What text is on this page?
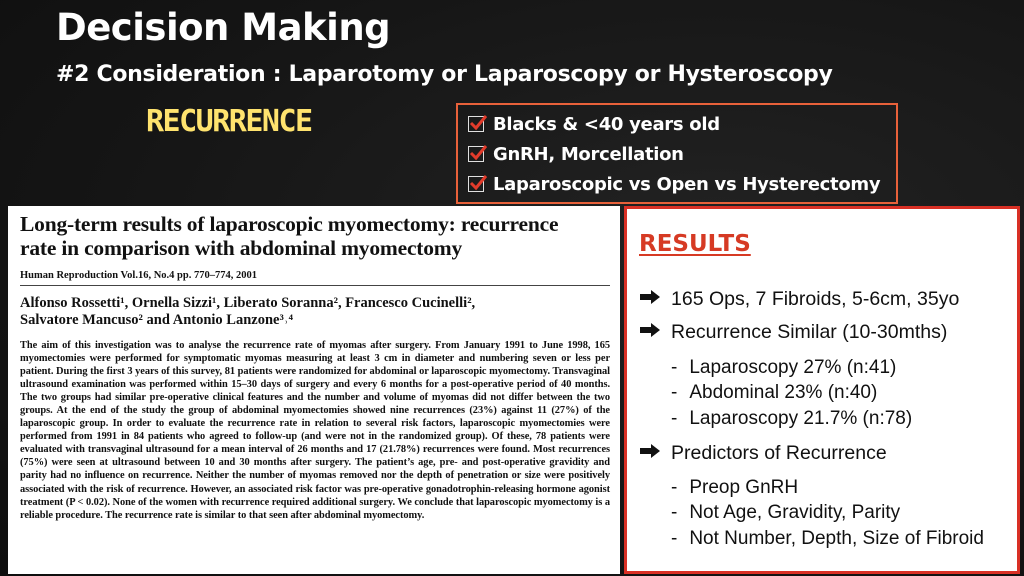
Decision Making
#2 Consideration : Laparotomy or Laparoscopy or Hysteroscopy
RECURRENCE	Blacks & <40 years old
GnRH, Morcellation
Laparoscopic vs Open vs Hysterectomy
Long-term results of laparoscopic myomectomy: recurrence
rate in comparison with abdominal myomectomy
Human Reproduction Vol.16, No.4 pp. 770–774, 2001
Alfonso Rossetti¹, Ornella Sizzi¹, Liberato Soranna², Francesco Cucinelli²,
Salvatore Mancuso² and Antonio Lanzone³˒⁴
The aim of this investigation was to analyse the recurrence rate of myomas after surgery. From January 1991 to June 1998, 165 myomectomies were performed for symptomatic myomas measuring at least 3 cm in diameter and numbering seven or less per patient. During the first 3 years of this survey, 81 patients were randomized for abdominal or laparoscopic myomectomy. Transvaginal ultrasound examination was performed within 15–30 days of surgery and every 6 months for a post-operative period of 40 months. The two groups had similar pre-operative clinical features and the number and volume of myomas did not differ between the two groups. At the end of the study the group of abdominal myomectomies showed nine recurrences (23%) against 11 (27%) of the laparoscopic group. In order to evaluate the recurrence rate in relation to several risk factors, laparoscopic myomectomies were performed from 1991 in 84 patients who agreed to follow-up (and were not in the randomized group). Of these, 78 patients were evaluated with transvaginal ultrasound for a mean interval of 26 months and 17 (21.78%) recurrences were found. Most recurrences (75%) were seen at ultrasound between 10 and 30 months after surgery. The patient’s age, pre- and post-operative gravidity and parity had no influence on recurrence. Neither the number of myomas removed nor the depth of penetration or size were positively associated with the risk of recurrence. However, an associated risk factor was pre-operative gonadotrophin-releasing hormone agonist treatment (P < 0.02). None of the women with recurrence required additional surgery. We conclude that laparoscopic myomectomy is a reliable procedure. The recurrence rate is similar to that seen after abdominal myomectomy.
RESULTS
165 Ops, 7 Fibroids, 5-6cm, 35yo
Recurrence Similar (10-30mths)
- Laparoscopy 27% (n:41)
- Abdominal 23% (n:40)
- Laparoscopy 21.7% (n:78)
Predictors of Recurrence
- Preop GnRH
- Not Age, Gravidity, Parity
- Not Number, Depth, Size of Fibroid
